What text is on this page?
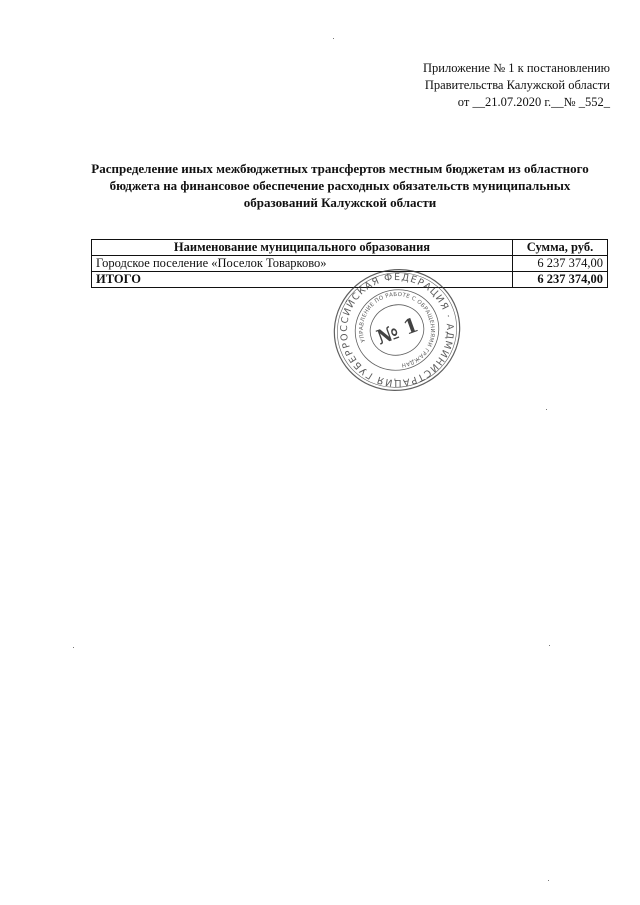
Приложение № 1 к постановлению
Правительства Калужской области
от __21.07.2020 г.__№ _552_
Распределение иных межбюджетных трансфертов местным бюджетам из областного
бюджета на финансовое обеспечение расходных обязательств муниципальных
образований Калужской области
Наименование муниципального образования	Сумма, руб.
Городское поселение «Поселок Товарково»	6 237 374,00
ИТОГО	6 237 374,00
РОССИЙСКАЯ ФЕДЕРАЦИЯ · АДМИНИСТРАЦИЯ ГУБЕРНАТОРА
УПРАВЛЕНИЕ ПО РАБОТЕ С ОБРАЩЕНИЯМИ ГРАЖДАН
№ 1
